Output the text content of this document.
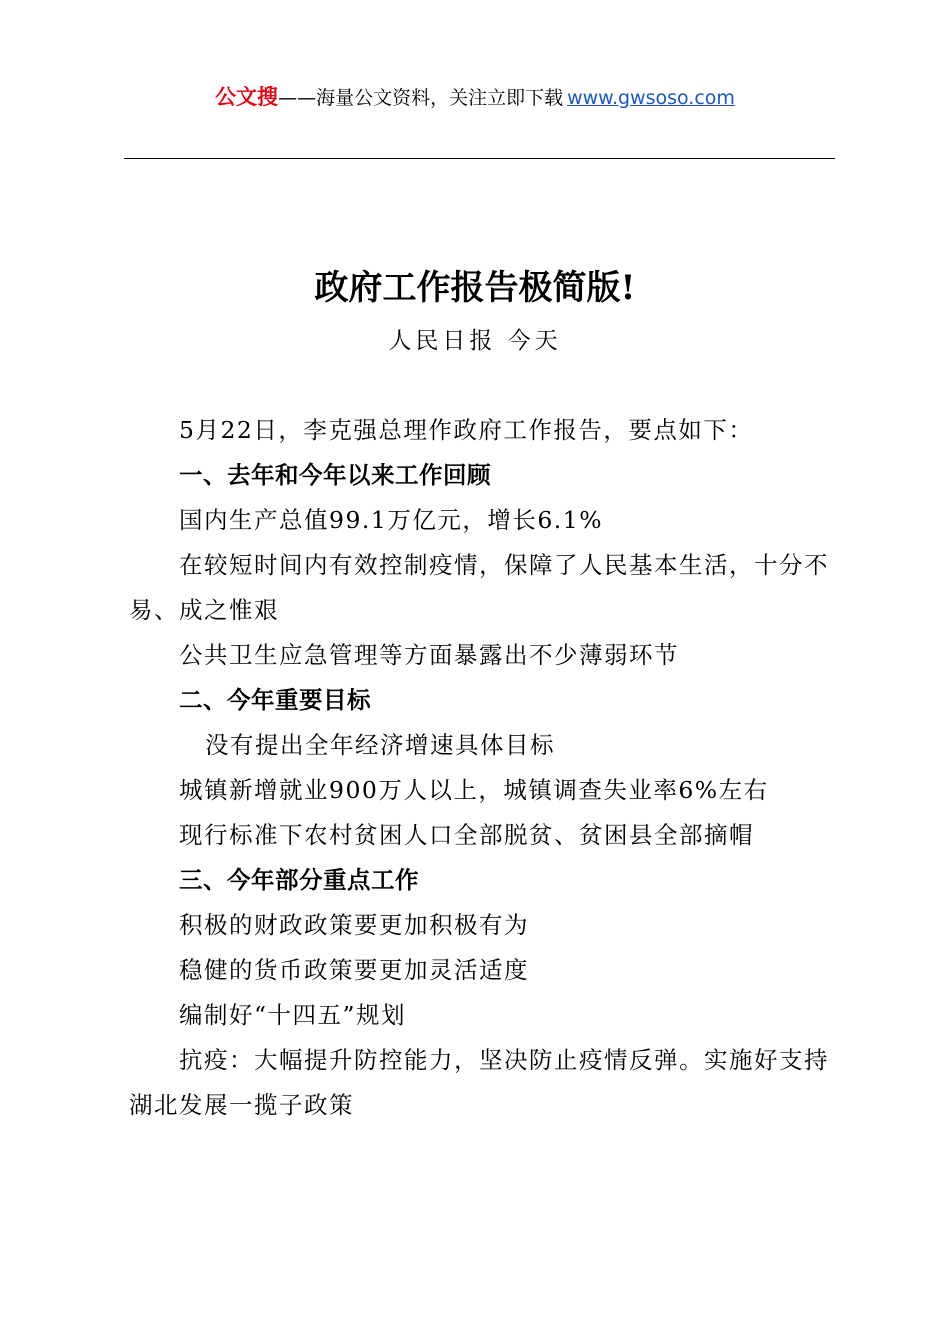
公文搜——海量公文资料，关注立即下载 www.gwsoso.com
政府工作报告极简版!
人民日报 今天
5月22日，李克强总理作政府工作报告，要点如下：
一、去年和今年以来工作回顾
国内生产总值99.1万亿元，增长6.1%
在较短时间内有效控制疫情，保障了人民基本生活，十分不易、成之惟艰
公共卫生应急管理等方面暴露出不少薄弱环节
二、今年重要目标
没有提出全年经济增速具体目标
城镇新增就业900万人以上，城镇调查失业率6%左右
现行标准下农村贫困人口全部脱贫、贫困县全部摘帽
三、今年部分重点工作
积极的财政政策要更加积极有为
稳健的货币政策要更加灵活适度
编制好“十四五”规划
抗疫：大幅提升防控能力，坚决防止疫情反弹。实施好支持湖北发展一揽子政策
